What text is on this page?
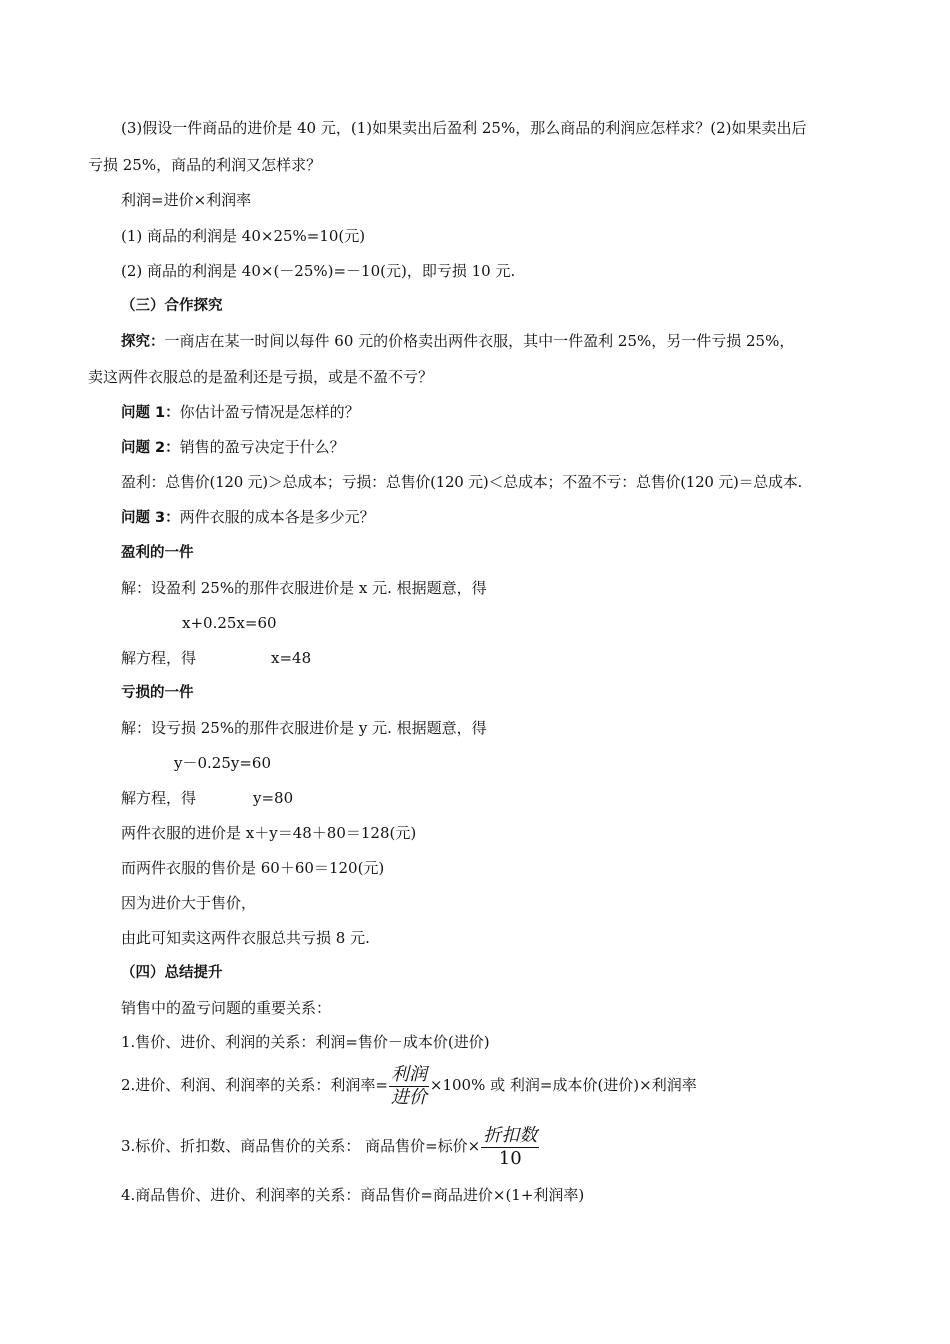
(3)假设一件商品的进价是 40 元，(1)如果卖出后盈利 25%，那么商品的利润应怎样求？(2)如果卖出后
亏损 25%，商品的利润又怎样求？
利润=进价×利润率
(1) 商品的利润是 40×25%=10(元)
(2) 商品的利润是 40×(－25%)=－10(元)，即亏损 10 元.
（三）合作探究
探究：一商店在某一时间以每件 60 元的价格卖出两件衣服，其中一件盈利 25%，另一件亏损 25%，
卖这两件衣服总的是盈利还是亏损，或是不盈不亏？
问题 1：你估计盈亏情况是怎样的？
问题 2：销售的盈亏决定于什么？
盈利：总售价(120 元)＞总成本；亏损：总售价(120 元)＜总成本；不盈不亏：总售价(120 元)＝总成本.
问题 3：两件衣服的成本各是多少元？
盈利的一件
解：设盈利 25%的那件衣服进价是 x 元. 根据题意，得
x+0.25x=60
解方程，得	x=48
亏损的一件
解：设亏损 25%的那件衣服进价是 y 元. 根据题意，得
y－0.25y=60
解方程，得	y=80
两件衣服的进价是 x＋y＝48＋80＝128(元)
而两件衣服的售价是 60＋60＝120(元)
因为进价大于售价，
由此可知卖这两件衣服总共亏损 8 元.
（四）总结提升
销售中的盈亏问题的重要关系：
1.售价、进价、利润的关系：利润=售价－成本价(进价)
2.进价、利润、利润率的关系：利润率= $\frac{\text{利润}}{\text{进价}} \times 100\%$ 或 利润=成本价(进价)×利润率
3.标价、折扣数、商品售价的关系： 商品售价=标价× $\frac{\text{折扣数}}{10}$
4.商品售价、进价、利润率的关系：商品售价=商品进价×(1+利润率)
